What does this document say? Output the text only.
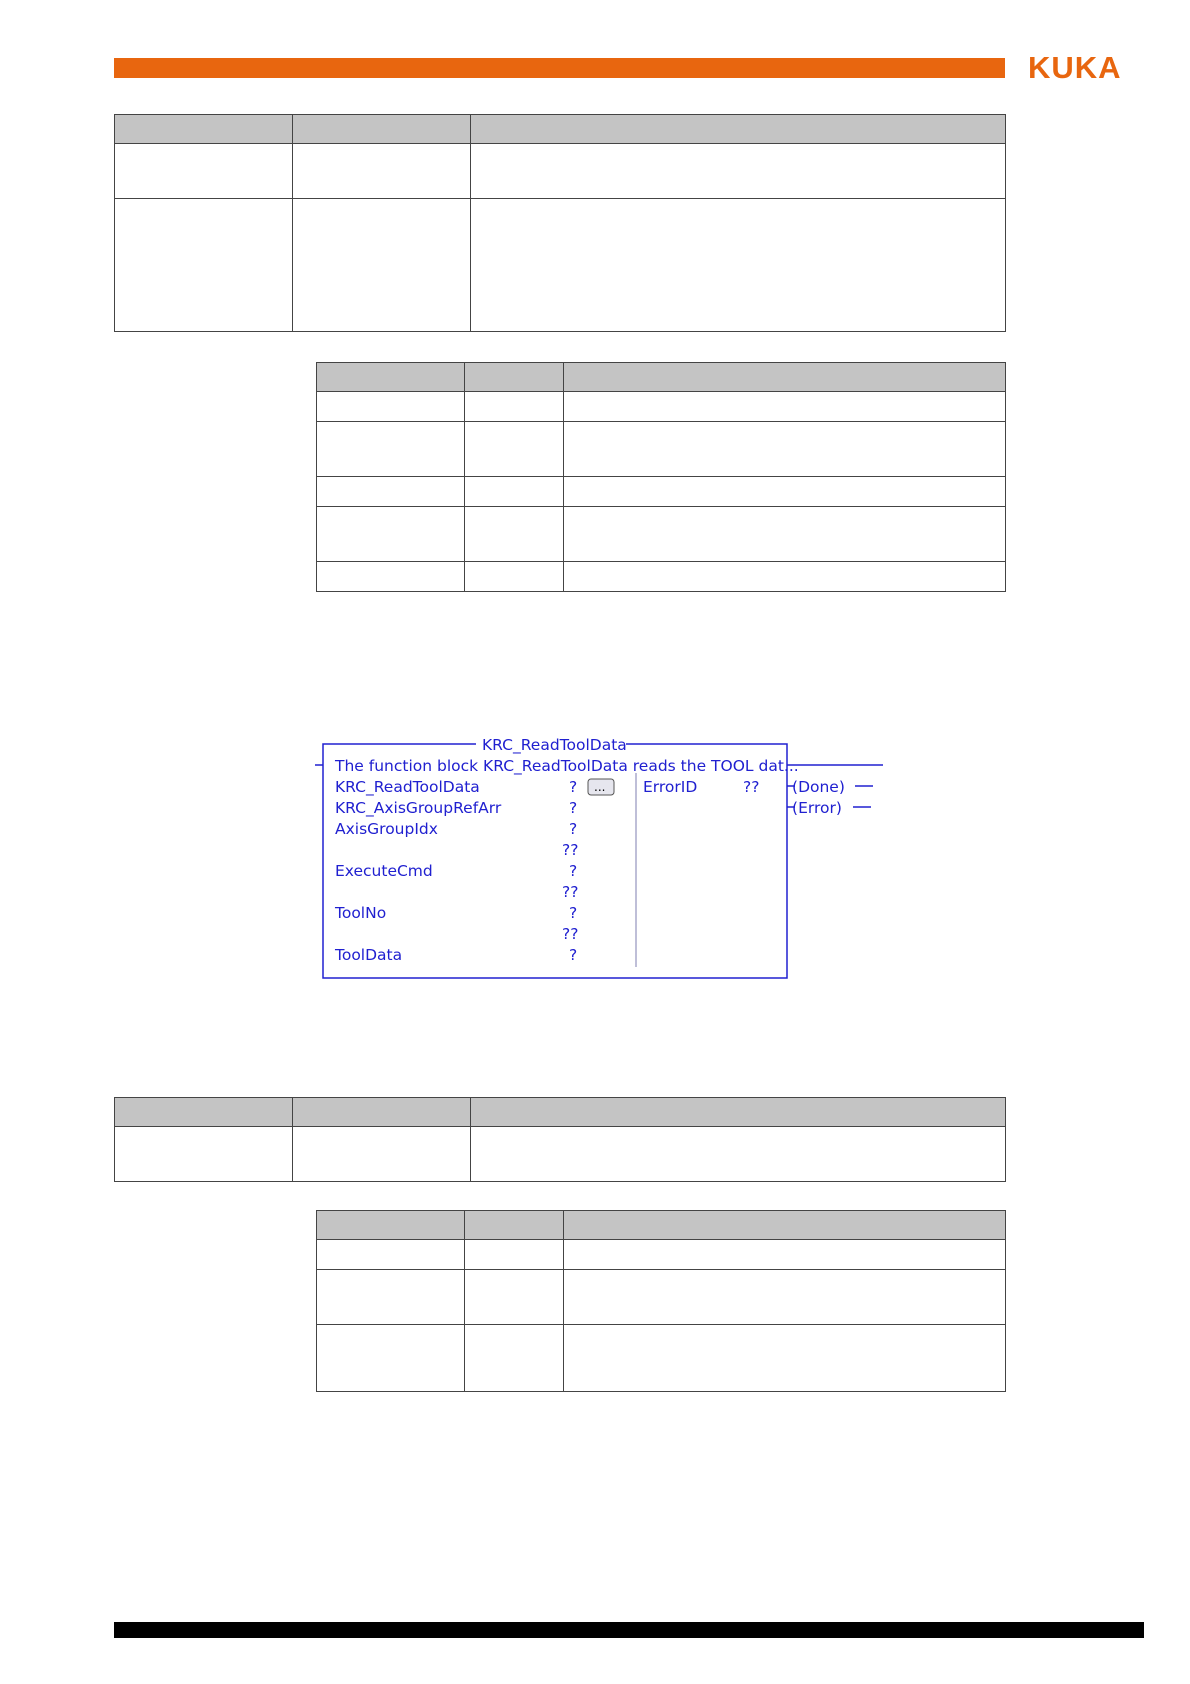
KUKA

KRC_ReadToolData
The function block KRC_ReadToolData reads the TOOL dat...
KRC_ReadToolData	? ...
KRC_AxisGroupRefArr	?
AxisGroupIdx	?
??
ExecuteCmd	?
??
ToolNo	?
??
ToolData	?
ErrorID	?? (Done)
(Error)
